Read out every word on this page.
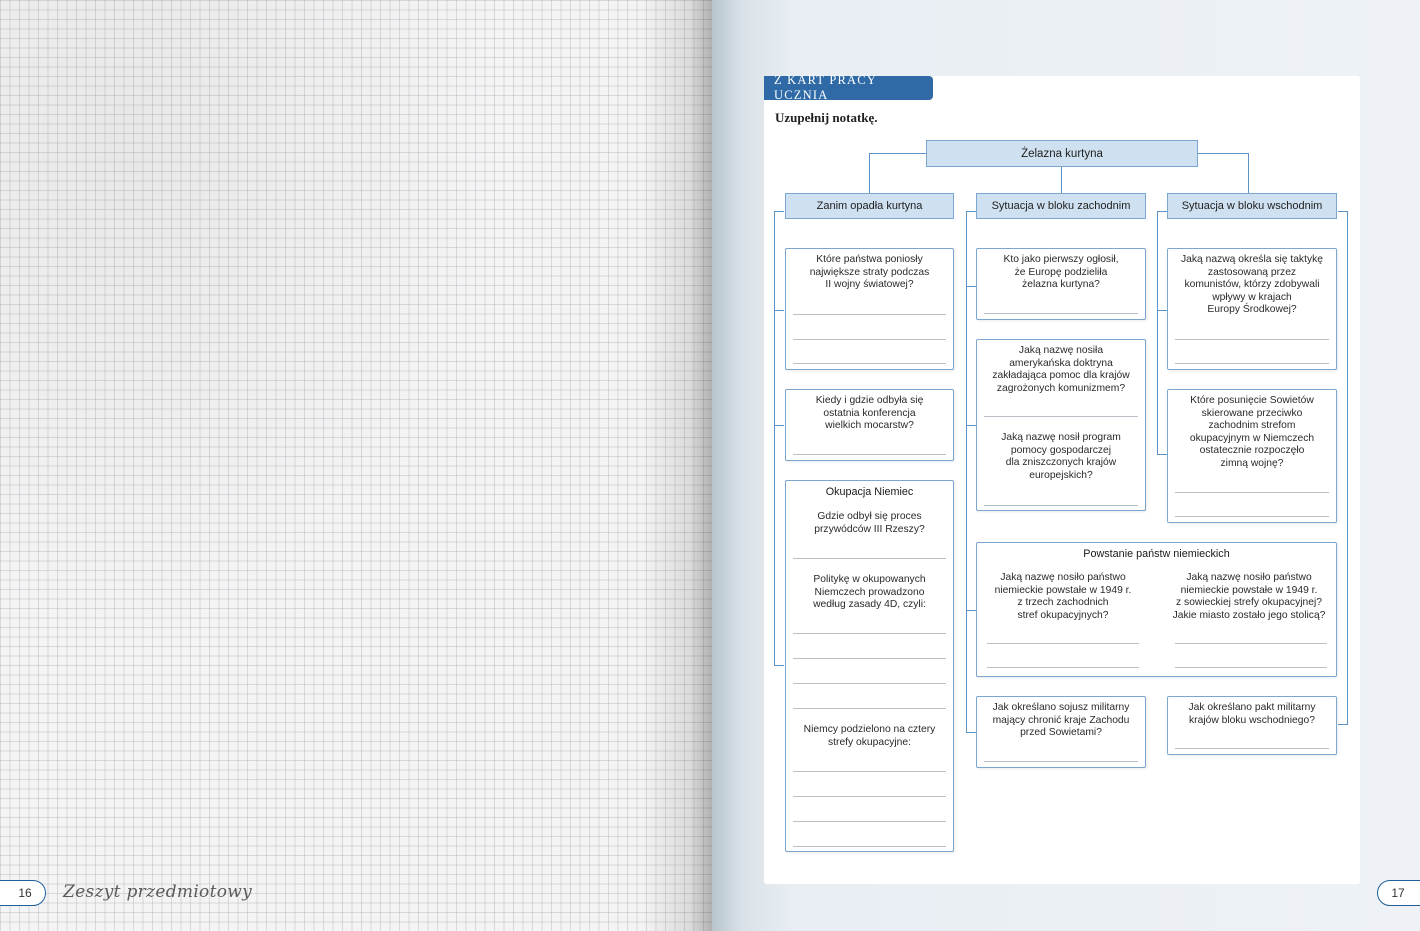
16	Zeszyt przedmiotowy	17
Z KART PRACY UCZNIA
Uzupełnij notatkę.
Żelazna kurtyna
Zanim opadła kurtyna	Sytuacja w bloku zachodnim	Sytuacja w bloku wschodnim
Które państwa poniosły
największe straty podczas
II wojny światowej?
Kiedy i gdzie odbyła się
ostatnia konferencja
wielkich mocarstw?
Okupacja Niemiec
Gdzie odbył się proces
przywódców III Rzeszy?
Politykę w okupowanych
Niemczech prowadzono
według zasady 4D, czyli:
Niemcy podzielono na cztery
strefy okupacyjne:
Kto jako pierwszy ogłosił,
że Europę podzieliła
żelazna kurtyna?
Jaką nazwę nosiła
amerykańska doktryna
zakładająca pomoc dla krajów
zagrożonych komunizmem?
Jaką nazwę nosił program
pomocy gospodarczej
dla zniszczonych krajów
europejskich?
Jak określano sojusz militarny
mający chronić kraje Zachodu
przed Sowietami?
Jaką nazwą określa się taktykę
zastosowaną przez
komunistów, którzy zdobywali
wpływy w krajach
Europy Środkowej?
Które posunięcie Sowietów
skierowane przeciwko
zachodnim strefom
okupacyjnym w Niemczech
ostatecznie rozpoczęło
zimną wojnę?
Jak określano pakt militarny
krajów bloku wschodniego?
Powstanie państw niemieckich
Jaką nazwę nosiło państwo
niemieckie powstałe w 1949 r.
z trzech zachodnich
stref okupacyjnych?
Jaką nazwę nosiło państwo
niemieckie powstałe w 1949 r.
z sowieckiej strefy okupacyjnej?
Jakie miasto zostało jego stolicą?
